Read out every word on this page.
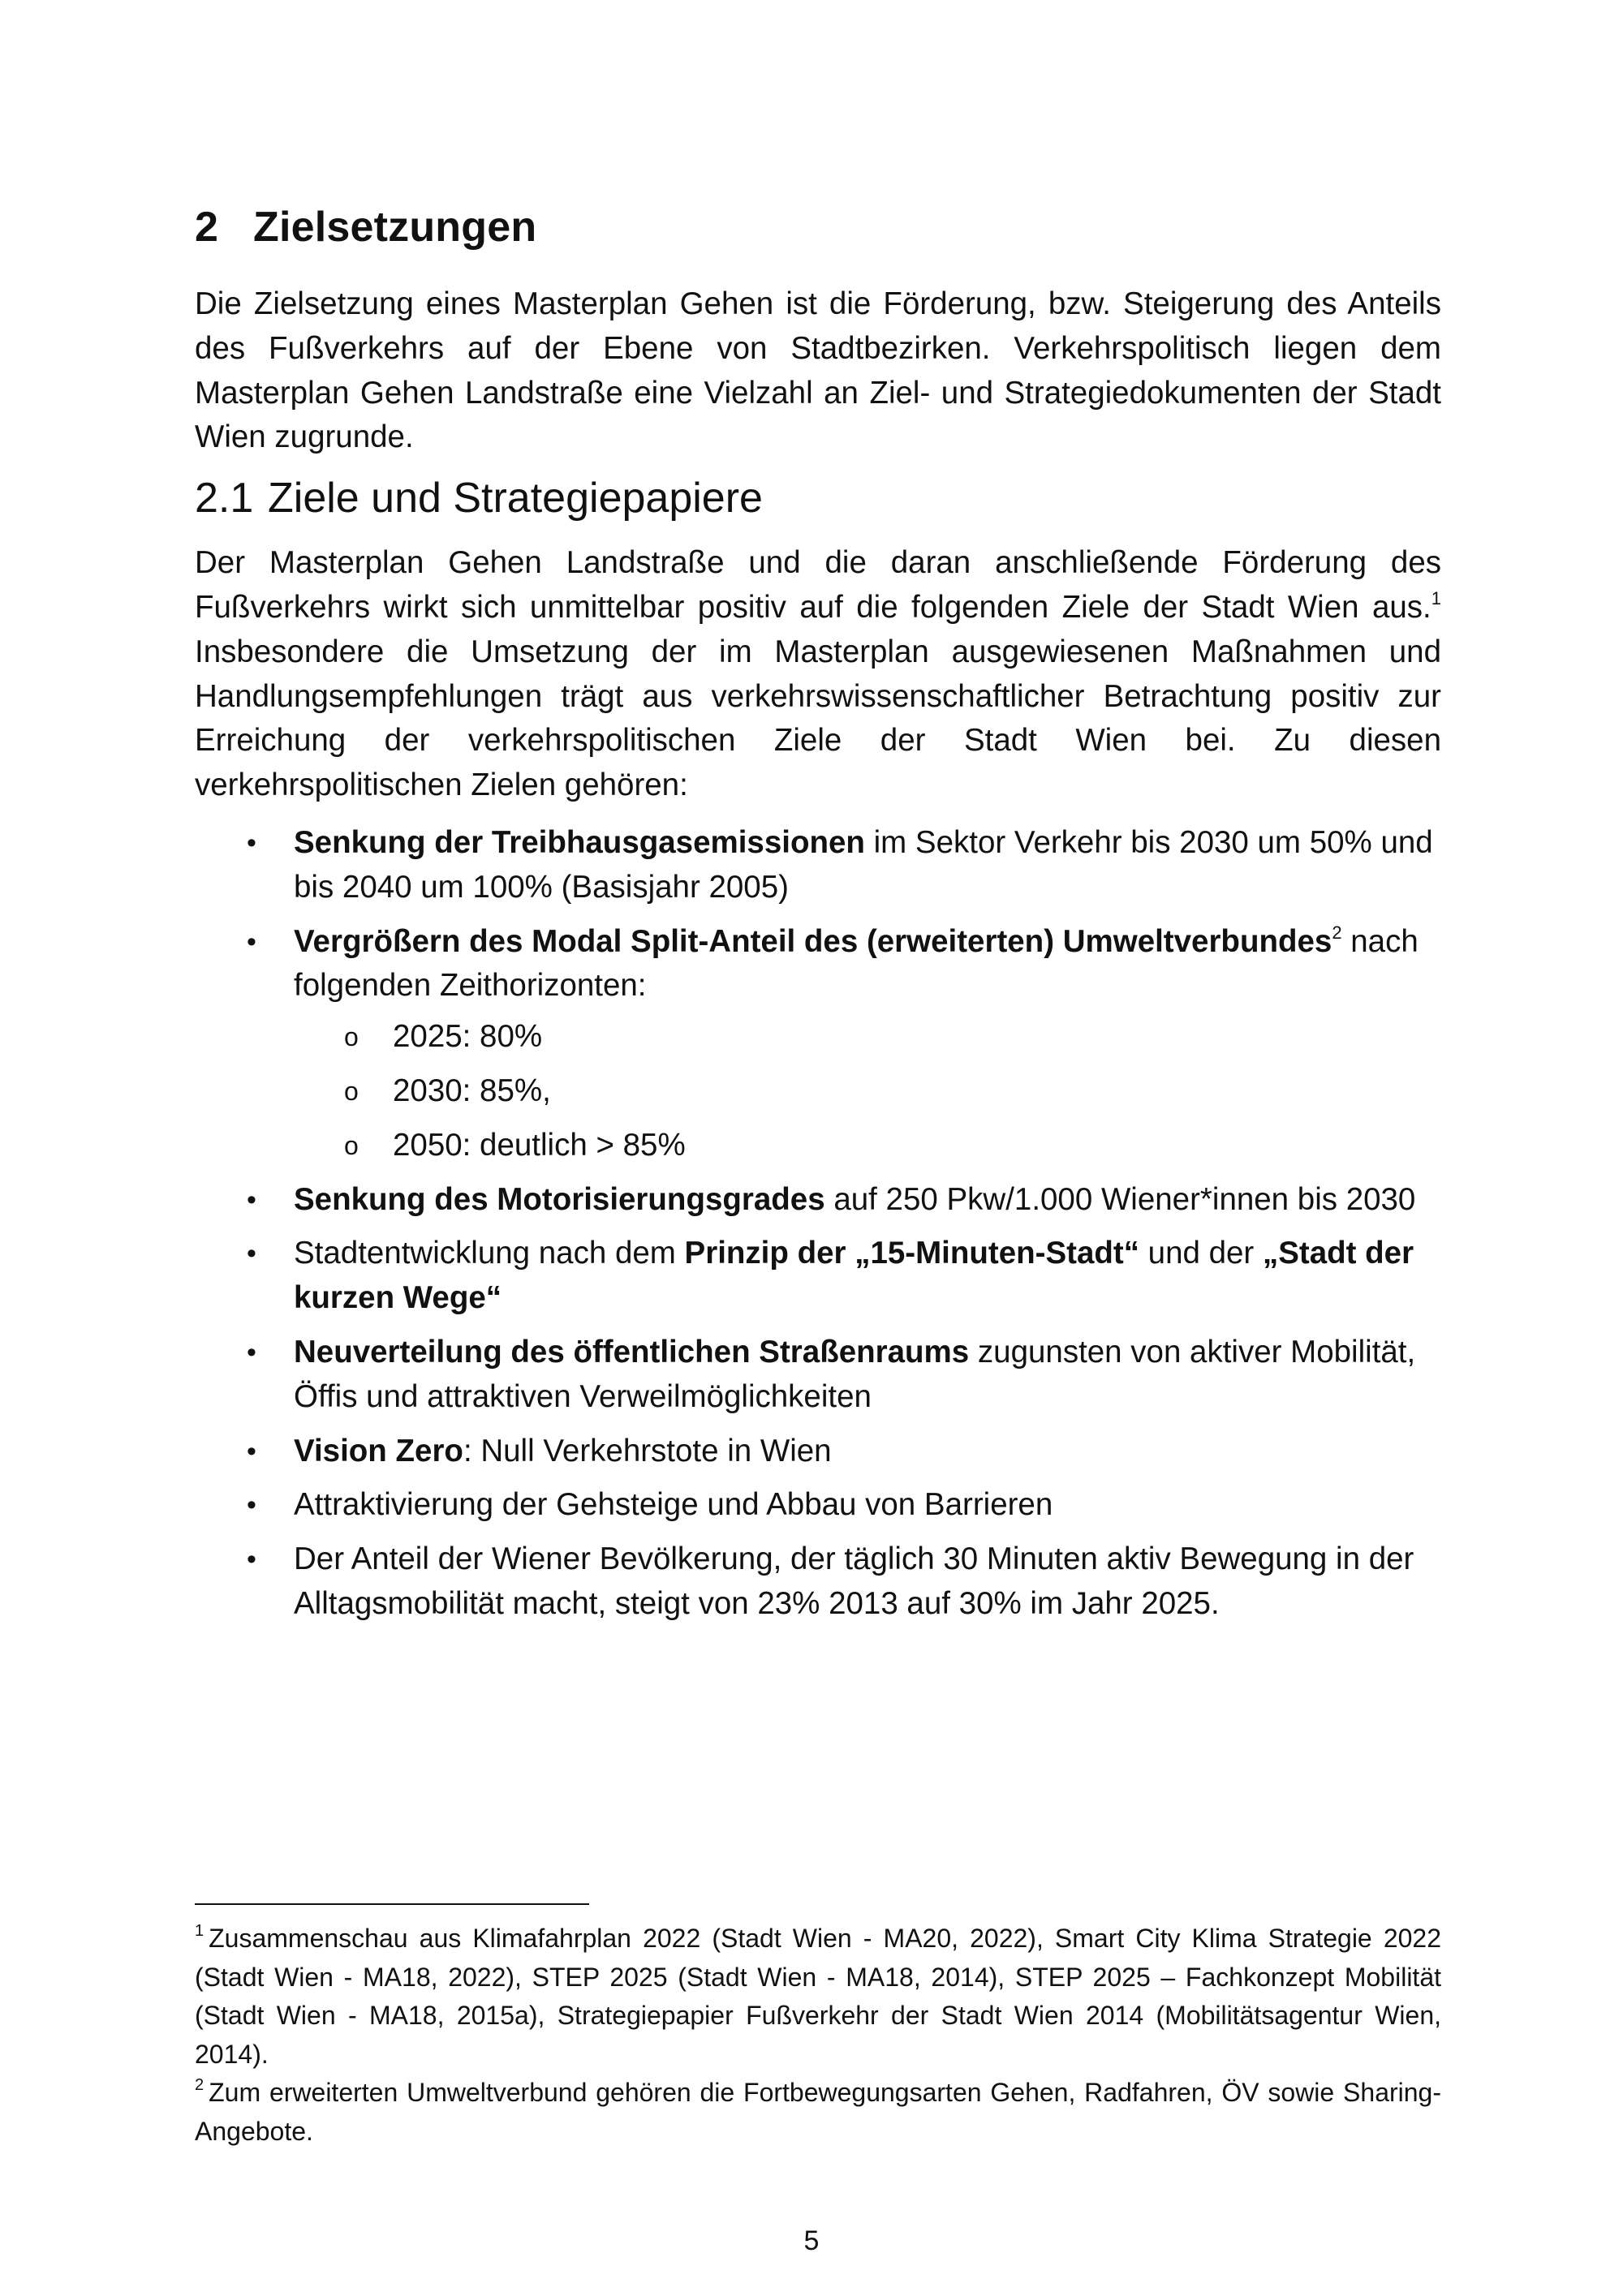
2 Zielsetzungen

Die Zielsetzung eines Masterplan Gehen ist die Förderung, bzw. Steigerung des Anteils des Fußverkehrs auf der Ebene von Stadtbezirken. Verkehrspolitisch liegen dem Masterplan Gehen Landstraße eine Vielzahl an Ziel- und Strategiedokumenten der Stadt Wien zugrunde.

2.1 Ziele und Strategiepapiere

Der Masterplan Gehen Landstraße und die daran anschließende Förderung des Fußverkehrs wirkt sich unmittelbar positiv auf die folgenden Ziele der Stadt Wien aus.$^1$ Insbesondere die Umsetzung der im Masterplan ausgewiesenen Maßnahmen und Handlungsempfehlungen trägt aus verkehrswissenschaftlicher Betrachtung positiv zur Erreichung der verkehrspolitischen Ziele der Stadt Wien bei. Zu diesen verkehrspolitischen Zielen gehören:

• Senkung der Treibhausgasemissionen im Sektor Verkehr bis 2030 um 50% und bis 2040 um 100% (Basisjahr 2005)
• Vergrößern des Modal Split-Anteil des (erweiterten) Umweltverbundes$^2$ nach folgenden Zeithorizonten:
o 2025: 80%
o 2030: 85%,
o 2050: deutlich > 85%
• Senkung des Motorisierungsgrades auf 250 Pkw/1.000 Wiener*innen bis 2030
• Stadtentwicklung nach dem Prinzip der „15-Minuten-Stadt“ und der „Stadt der kurzen Wege“
• Neuverteilung des öffentlichen Straßenraums zugunsten von aktiver Mobilität, Öffis und attraktiven Verweilmöglichkeiten
• Vision Zero: Null Verkehrstote in Wien
• Attraktivierung der Gehsteige und Abbau von Barrieren
• Der Anteil der Wiener Bevölkerung, der täglich 30 Minuten aktiv Bewegung in der Alltagsmobilität macht, steigt von 23% 2013 auf 30% im Jahr 2025.

$^1$ Zusammenschau aus Klimafahrplan 2022 (Stadt Wien - MA20, 2022), Smart City Klima Strategie 2022 (Stadt Wien - MA18, 2022), STEP 2025 (Stadt Wien - MA18, 2014), STEP 2025 – Fachkonzept Mobilität (Stadt Wien - MA18, 2015a), Strategiepapier Fußverkehr der Stadt Wien 2014 (Mobilitätsagentur Wien, 2014).

$^2$ Zum erweiterten Umweltverbund gehören die Fortbewegungsarten Gehen, Radfahren, ÖV sowie Sharing-Angebote.

5
